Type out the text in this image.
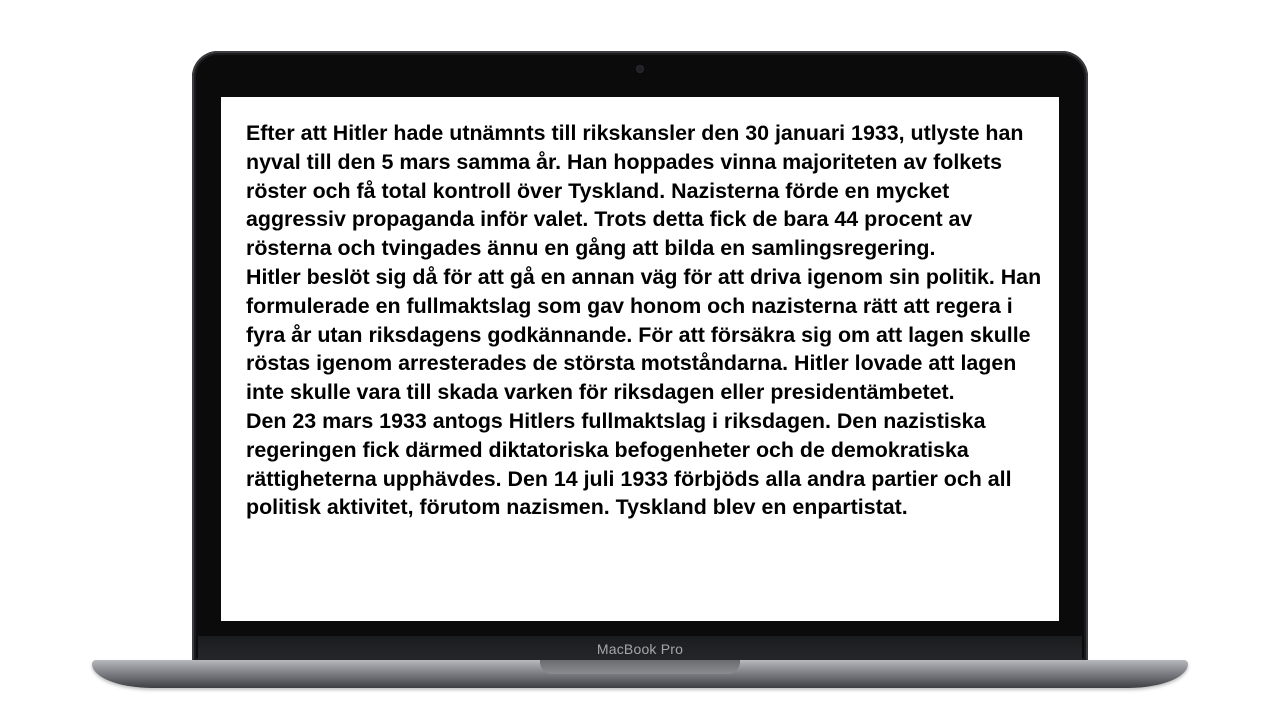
Efter att Hitler hade utnämnts till rikskansler den 30 januari 1933, utlyste han nyval till den 5 mars samma år. Han hoppades vinna majoriteten av folkets röster och få total kontroll över Tyskland. Nazisterna förde en mycket aggressiv propaganda inför valet. Trots detta fick de bara 44 procent av rösterna och tvingades ännu en gång att bilda en samlingsregering.

Hitler beslöt sig då för att gå en annan väg för att driva igenom sin politik. Han formulerade en fullmaktslag som gav honom och nazisterna rätt att regera i fyra år utan riksdagens godkännande. För att försäkra sig om att lagen skulle röstas igenom arresterades de största motståndarna. Hitler lovade att lagen inte skulle vara till skada varken för riksdagen eller presidentämbetet.

Den 23 mars 1933 antogs Hitlers fullmaktslag i riksdagen. Den nazistiska regeringen fick därmed diktatoriska befogenheter och de demokratiska rättigheterna upphävdes. Den 14 juli 1933 förbjöds alla andra partier och all politisk aktivitet, förutom nazismen. Tyskland blev en enpartistat.

MacBook Pro
